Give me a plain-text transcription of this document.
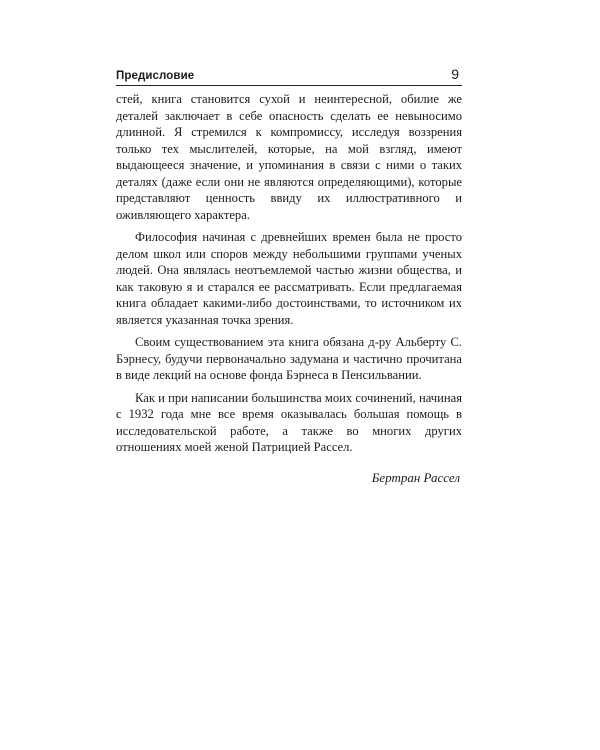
Предисловие	9

стей, книга становится сухой и неинтересной, обилие же деталей заключает в себе опасность сделать ее невыносимо длинной. Я стремился к компромиссу, исследуя воззрения только тех мыслителей, которые, на мой взгляд, имеют выдающееся значение, и упоминания в связи с ними о таких деталях (даже если они не являются определяющими), которые представляют ценность ввиду их иллюстративного и оживляющего характера.

Философия начиная с древнейших времен была не просто делом школ или споров между небольшими группами ученых людей. Она являлась неотъемлемой частью жизни общества, и как таковую я и старался ее рассматривать. Если предлагаемая книга обладает какими-либо достоинствами, то источником их является указанная точка зрения.

Своим существованием эта книга обязана д-ру Альберту С. Бэрнесу, будучи первоначально задумана и частично прочитана в виде лекций на основе фонда Бэрнеса в Пенсильвании.

Как и при написании большинства моих сочинений, начиная с 1932 года мне все время оказывалась большая помощь в исследовательской работе, а также во многих других отношениях моей женой Патрицией Рассел.

Бертран Рассел
